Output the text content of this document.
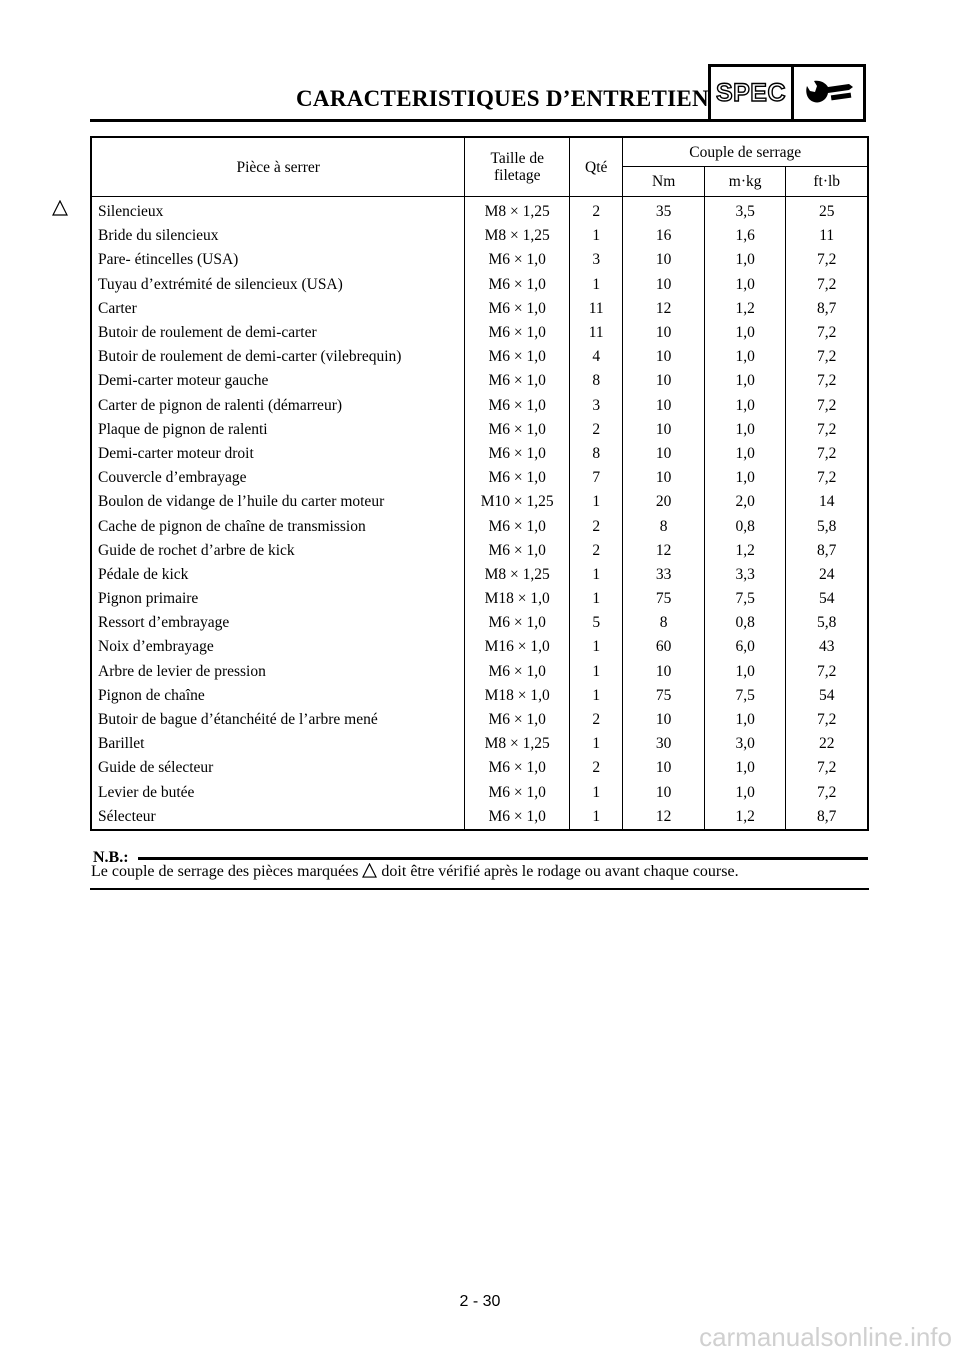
CARACTERISTIQUES D’ENTRETIEN SPEC
Pièce à serrer	Taille de filetage	Qté	Couple de serrage		
			Nm	m·kg	ft·lb
Silencieux	M8 × 1,25	2	35	3,5	25
Bride du silencieux	M8 × 1,25	1	16	1,6	11
Pare- étincelles (USA)	M6 × 1,0	3	10	1,0	7,2
Tuyau d’extrémité de silencieux (USA)	M6 × 1,0	1	10	1,0	7,2
Carter	M6 × 1,0	11	12	1,2	8,7
Butoir de roulement de demi-carter	M6 × 1,0	11	10	1,0	7,2
Butoir de roulement de demi-carter (vilebrequin)	M6 × 1,0	4	10	1,0	7,2
Demi-carter moteur gauche	M6 × 1,0	8	10	1,0	7,2
Carter de pignon de ralenti (démarreur)	M6 × 1,0	3	10	1,0	7,2
Plaque de pignon de ralenti	M6 × 1,0	2	10	1,0	7,2
Demi-carter moteur droit	M6 × 1,0	8	10	1,0	7,2
Couvercle d’embrayage	M6 × 1,0	7	10	1,0	7,2
Boulon de vidange de l’huile du carter moteur	M10 × 1,25	1	20	2,0	14
Cache de pignon de chaîne de transmission	M6 × 1,0	2	8	0,8	5,8
Guide de rochet d’arbre de kick	M6 × 1,0	2	12	1,2	8,7
Pédale de kick	M8 × 1,25	1	33	3,3	24
Pignon primaire	M18 × 1,0	1	75	7,5	54
Ressort d’embrayage	M6 × 1,0	5	8	0,8	5,8
Noix d’embrayage	M16 × 1,0	1	60	6,0	43
Arbre de levier de pression	M6 × 1,0	1	10	1,0	7,2
Pignon de chaîne	M18 × 1,0	1	75	7,5	54
Butoir de bague d’étanchéité de l’arbre mené	M6 × 1,0	2	10	1,0	7,2
Barillet	M8 × 1,25	1	30	3,0	22
Guide de sélecteur	M6 × 1,0	2	10	1,0	7,2
Levier de butée	M6 × 1,0	1	10	1,0	7,2
Sélecteur	M6 × 1,0	1	12	1,2	8,7
N.B.:
Le couple de serrage des pièces marquées doit être vérifié après le rodage ou avant chaque course.
2 - 30
carmanualsonline.info
